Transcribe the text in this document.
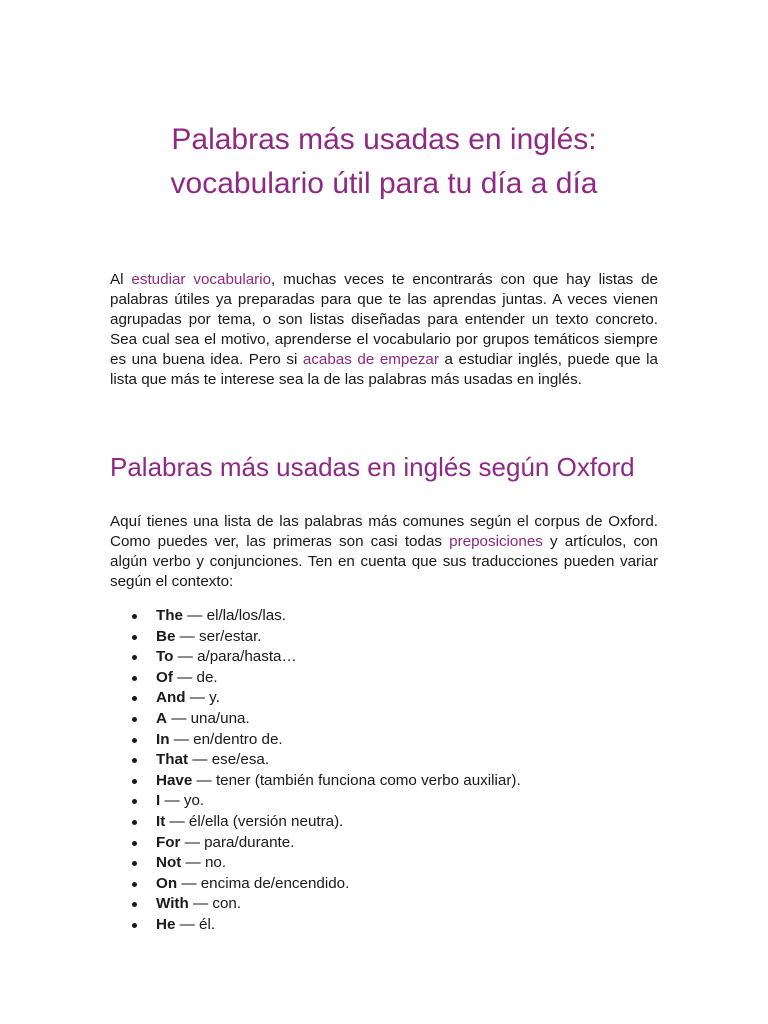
Palabras más usadas en inglés:
vocabulario útil para tu día a día

Al estudiar vocabulario, muchas veces te encontrarás con que hay listas de palabras útiles ya preparadas para que te las aprendas juntas. A veces vienen agrupadas por tema, o son listas diseñadas para entender un texto concreto. Sea cual sea el motivo, aprenderse el vocabulario por grupos temáticos siempre es una buena idea. Pero si acabas de empezar a estudiar inglés, puede que la lista que más te interese sea la de las palabras más usadas en inglés.

Palabras más usadas en inglés según Oxford

Aquí tienes una lista de las palabras más comunes según el corpus de Oxford. Como puedes ver, las primeras son casi todas preposiciones y artículos, con algún verbo y conjunciones. Ten en cuenta que sus traducciones pueden variar según el contexto:

The — el/la/los/las.
Be — ser/estar.
To — a/para/hasta…
Of — de.
And — y.
A — una/una.
In — en/dentro de.
That — ese/esa.
Have — tener (también funciona como verbo auxiliar).
I — yo.
It — él/ella (versión neutra).
For — para/durante.
Not — no.
On — encima de/encendido.
With — con.
He — él.
